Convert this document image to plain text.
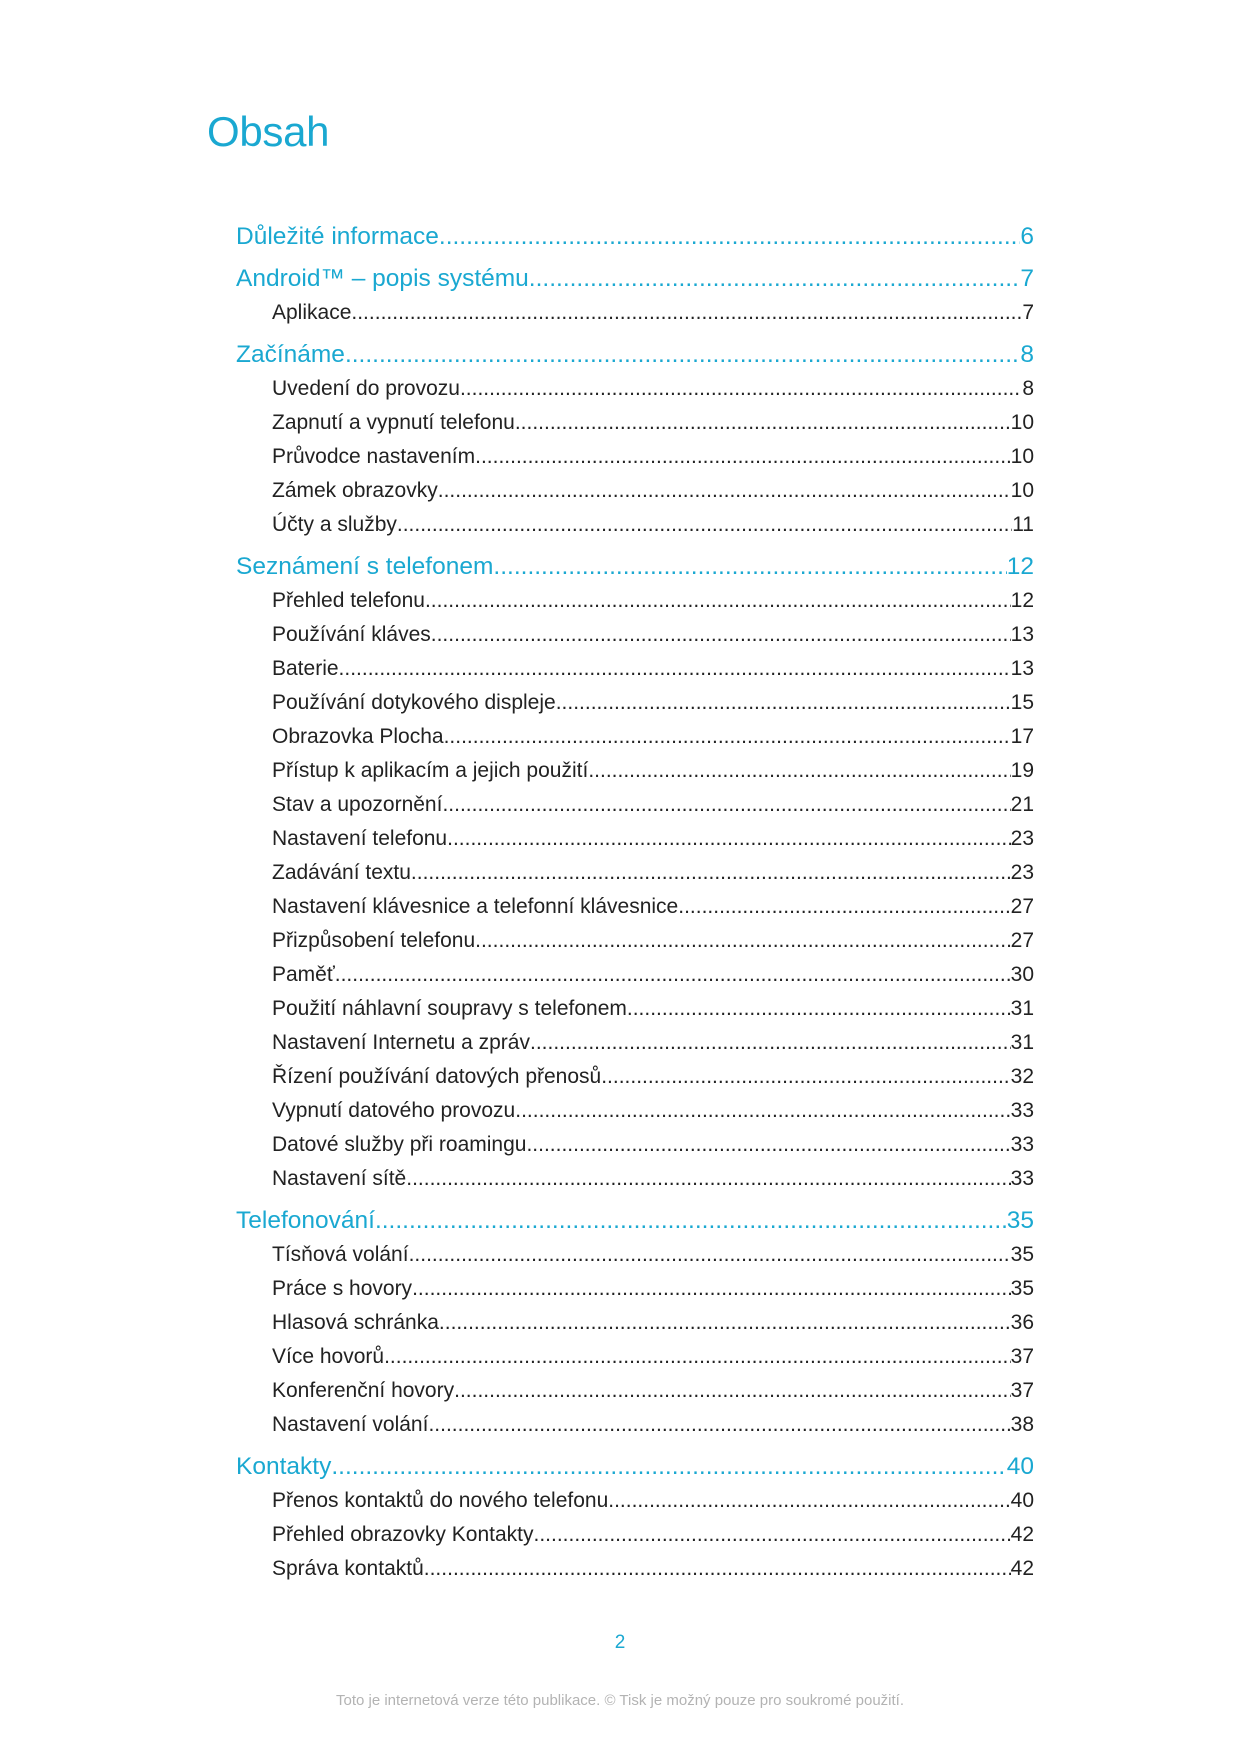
Obsah
Důležité informace .....	6
Android™ – popis systému .....	7
Aplikace .....	7
Začínáme .....	8
Uvedení do provozu .....	8
Zapnutí a vypnutí telefonu .....	10
Průvodce nastavením .....	10
Zámek obrazovky .....	10
Účty a služby .....	11
Seznámení s telefonem .....	12
Přehled telefonu .....	12
Používání kláves .....	13
Baterie .....	13
Používání dotykového displeje .....	15
Obrazovka Plocha .....	17
Přístup k aplikacím a jejich použití .....	19
Stav a upozornění .....	21
Nastavení telefonu .....	23
Zadávání textu .....	23
Nastavení klávesnice a telefonní klávesnice .....	27
Přizpůsobení telefonu .....	27
Paměť .....	30
Použití náhlavní soupravy s telefonem .....	31
Nastavení Internetu a zpráv .....	31
Řízení používání datových přenosů .....	32
Vypnutí datového provozu .....	33
Datové služby při roamingu .....	33
Nastavení sítě .....	33
Telefonování .....	35
Tísňová volání .....	35
Práce s hovory .....	35
Hlasová schránka .....	36
Více hovorů .....	37
Konferenční hovory .....	37
Nastavení volání .....	38
Kontakty .....	40
Přenos kontaktů do nového telefonu .....	40
Přehled obrazovky Kontakty .....	42
Správa kontaktů .....	42
2
Toto je internetová verze této publikace. © Tisk je možný pouze pro soukromé použití.
